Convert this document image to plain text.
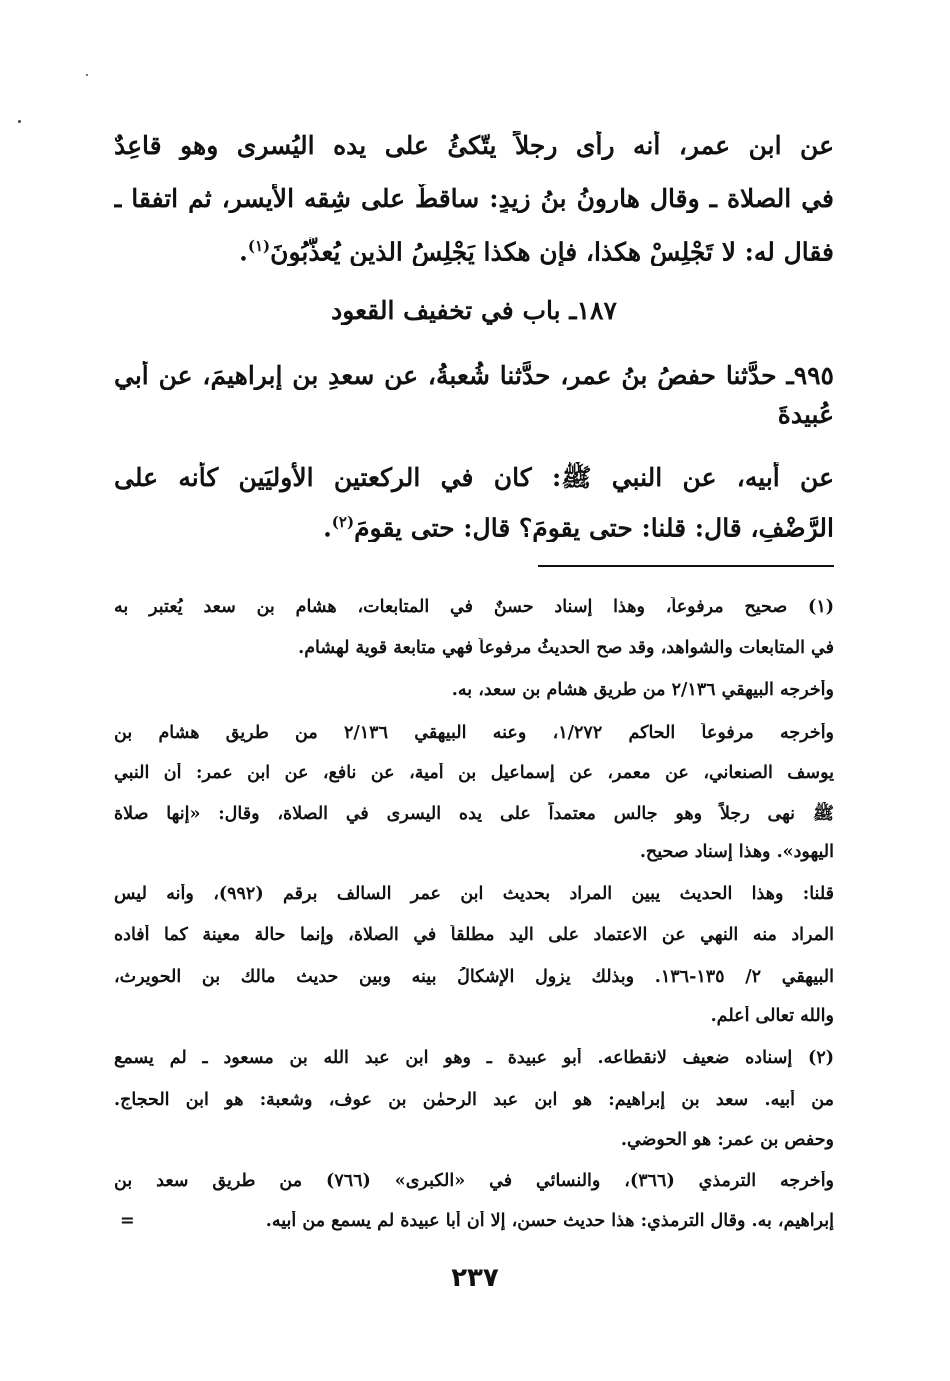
عن ابنِ عمر، أنه رأى رجلاً يتّكئُ على يده اليُسرى وهو قاعِدٌ
في الصلاة ـ وقال هارونُ بنُ زيدٍ: ساقطٌ على شِقه الأيسرِ، ثم اتفقا ـ
فقال له: لا تَجْلِسْ هكذا، فإن هكذا يَجْلِسُ الذين يُعذَّبُونَ$^{(١)}$.
١٨٧ـ باب في تخفيف القعود
٩٩٥ـ حدَّثنا حفصُ بنُ عمر، حدَّثنا شُعبةُ، عن سعدِ بنِ إبراهيمَ، عن أبي
عُبيدةَ
عن أبيه، عن النبي ﷺ: كان في الركعتين الأوليَين كأنه على
الرَّضْفِ، قال: قلنا: حتى يقومَ؟ قال: حتى يقومَ$^{(٢)}$.
(١) صحيح مرفوعاً، وهذا إسناد حسنٌ في المتابعات، هشام بن سعد يُعتبر به
في المتابعات والشواهد، وقد صح الحديثُ مرفوعاً فهي متابعة قوية لهشام.
وأخرجه البيهقي ٢/١٣٦ من طريق هشام بن سعد، به.
وأخرجه مرفوعاً الحاكم ١/٢٧٢، وعنه البيهقي ٢/١٣٦ من طريق هشام بن
يوسف الصنعاني، عن معمر، عن إسماعيل بن أمية، عن نافع، عن ابن عمر: أن النبي
ﷺ نهى رجلاً وهو جالس معتمداً على يده اليسرى في الصلاة، وقال: «إنها صلاة
اليهود». وهذا إسناد صحيح.
قلنا: وهذا الحديث يبين المراد بحديث ابن عمر السالف برقم (٩٩٢)، وأنه ليس
المراد منه النهي عن الاعتماد على اليد مطلقاً في الصلاة، وإنما حالة معينة كما أفاده
البيهقي ٢/ ١٣٥-١٣٦. وبذلك يزول الإشكالُ بينه وبين حديث مالك بن الحويرث،
والله تعالى أعلم.
(٢) إسناده ضعيف لانقطاعه. أبو عبيدة ـ وهو ابن عبد الله بن مسعود ـ لم يسمع
من أبيه. سعد بن إبراهيم: هو ابن عبد الرحمٰن بن عوف، وشعبة: هو ابن الحجاج.
وحفص بن عمر: هو الحوضي.
وأخرجه الترمذي (٣٦٦)، والنسائي في «الكبرى» (٧٦٦) من طريق سعد بن
إبراهيم، به. وقال الترمذي: هذا حديث حسن، إلا أن أبا عبيدة لم يسمع من أبيه.
=
٢٣٧
